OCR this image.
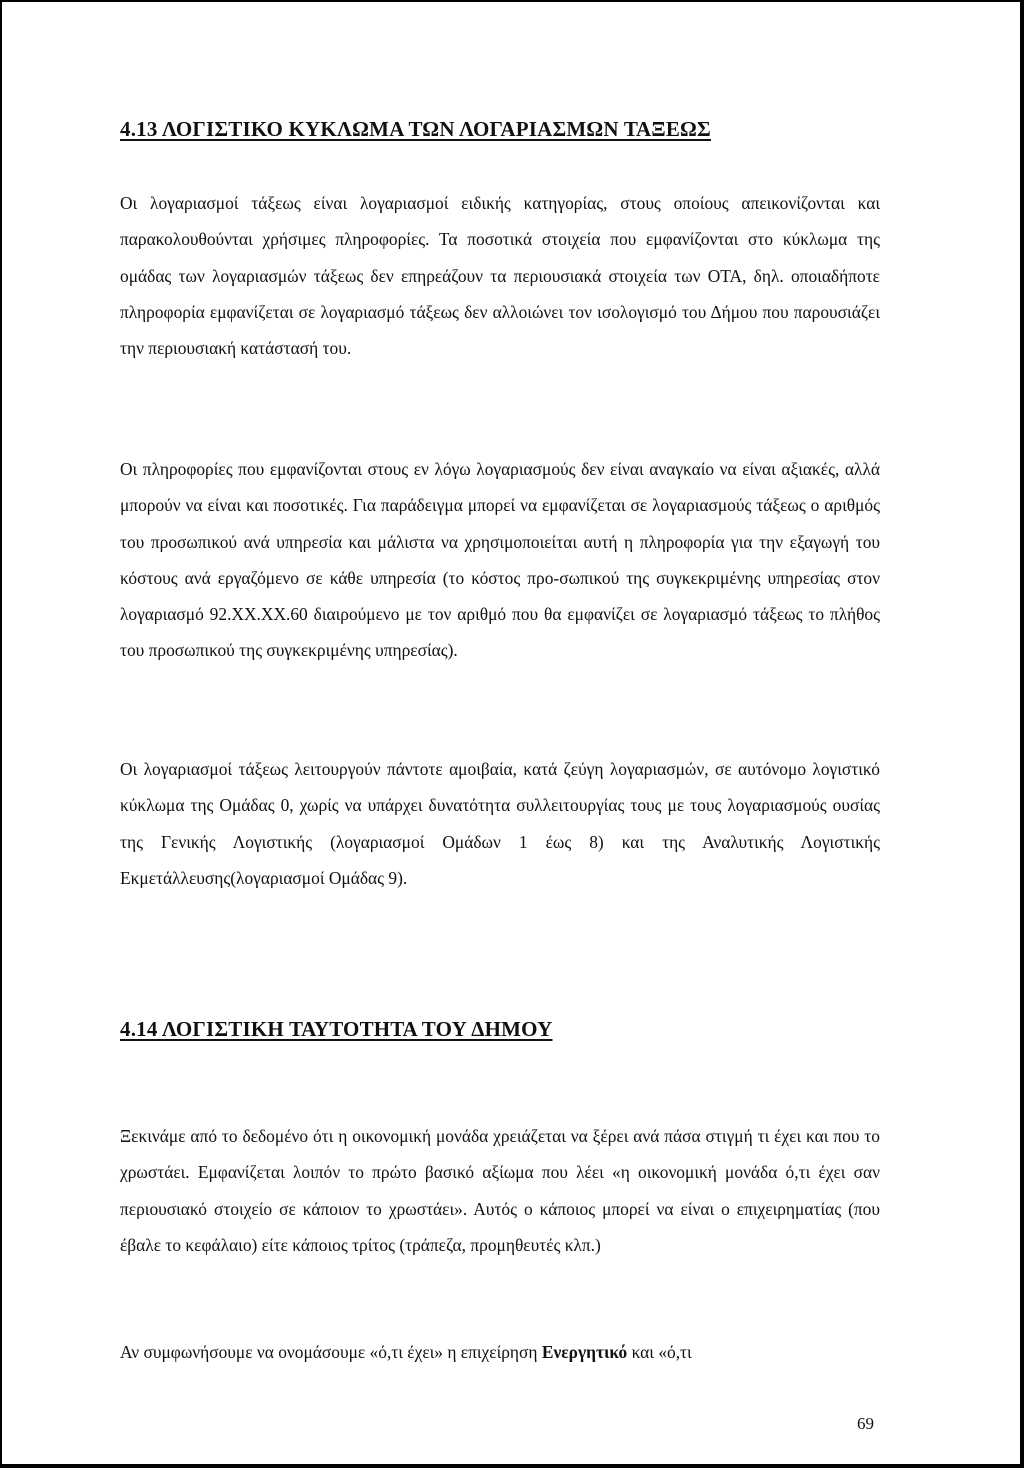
4.13 ΛΟΓΙΣΤΙΚΟ ΚΥΚΛΩΜΑ ΤΩΝ ΛΟΓΑΡΙΑΣΜΩΝ ΤΑΞΕΩΣ

Οι λογαριασμοί τάξεως είναι λογαριασμοί ειδικής κατηγορίας, στους οποίους απεικονίζονται και παρακολουθούνται χρήσιμες πληροφορίες. Τα ποσοτικά στοιχεία που εμφανίζονται στο κύκλωμα της ομάδας των λογαριασμών τάξεως δεν επηρεάζουν τα περιουσιακά στοιχεία των ΟΤΑ, δηλ. οποιαδήποτε πληροφορία εμφανίζεται σε λογαριασμό τάξεως δεν αλλοιώνει τον ισολογισμό του Δήμου που παρουσιάζει την περιουσιακή κατάστασή του.

Οι πληροφορίες που εμφανίζονται στους εν λόγω λογαριασμούς δεν είναι αναγκαίο να είναι αξιακές, αλλά μπορούν να είναι και ποσοτικές. Για παράδειγμα μπορεί να εμφανίζεται σε λογαριασμούς τάξεως ο αριθμός του προσωπικού ανά υπηρεσία και μάλιστα να χρησιμοποιείται αυτή η πληροφορία για την εξαγωγή του κόστους ανά εργαζόμενο σε κάθε υπηρεσία (το κόστος προ-σωπικού της συγκεκριμένης υπηρεσίας στον λογαριασμό 92.ΧΧ.ΧΧ.60 διαιρούμενο με τον αριθμό που θα εμφανίζει σε λογαριασμό τάξεως το πλήθος του προσωπικού της συγκεκριμένης υπηρεσίας).

Οι λογαριασμοί τάξεως λειτουργούν πάντοτε αμοιβαία, κατά ζεύγη λογαριασμών, σε αυτόνομο λογιστικό κύκλωμα της Ομάδας 0, χωρίς να υπάρχει δυνατότητα συλλειτουργίας τους με τους λογαριασμούς ουσίας της Γενικής Λογιστικής (λογαριασμοί Ομάδων 1 έως 8) και της Αναλυτικής Λογιστικής Εκμετάλλευσης(λογαριασμοί Ομάδας 9).

4.14 ΛΟΓΙΣΤΙΚΗ ΤΑΥΤΟΤΗΤΑ ΤΟΥ ΔΗΜΟΥ

Ξεκινάμε από το δεδομένο ότι η οικονομική μονάδα χρειάζεται να ξέρει ανά πάσα στιγμή τι έχει και που το χρωστάει. Εμφανίζεται λοιπόν το πρώτο βασικό αξίωμα που λέει «η οικονομική μονάδα ό,τι έχει σαν περιουσιακό στοιχείο σε κάποιον το χρωστάει». Αυτός ο κάποιος μπορεί να είναι ο επιχειρηματίας (που έβαλε το κεφάλαιο) είτε κάποιος τρίτος (τράπεζα, προμηθευτές κλπ.)

Αν συμφωνήσουμε να ονομάσουμε «ό,τι έχει» η επιχείρηση Ενεργητικό και «ό,τι

69
